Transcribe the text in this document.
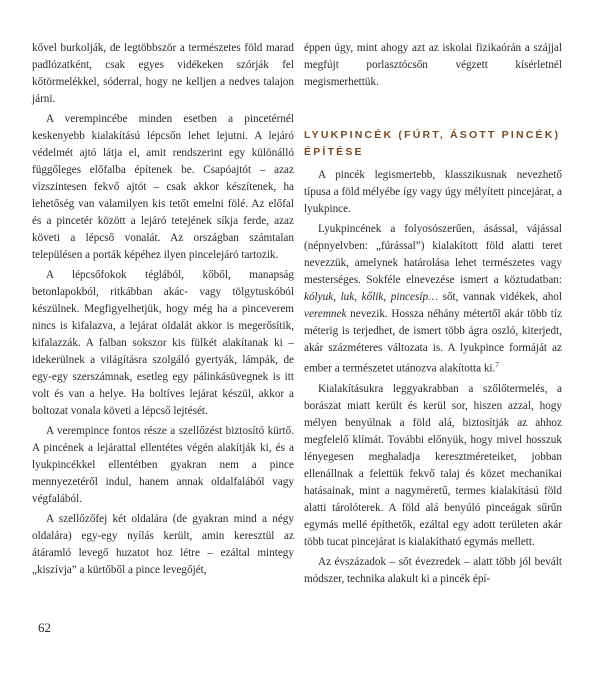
kővel burkolják, de legtöbbször a természetes föld marad padlózatként, csak egyes vidékeken szórják fel kőtörmelékkel, sóderral, hogy ne kelljen a nedves talajon járni.

A verempincébe minden esetben a pincetérnél keskenyebb kialakítású lépcsőn lehet lejutni. A lejáró védelmét ajtó látja el, amit rendszerint egy különálló függőleges előfalba építenek be. Csapóajtót – azaz vízszintesen fekvő ajtót – csak akkor készítenek, ha lehetőség van valamilyen kis tetőt emelni fölé. Az előfal és a pincetér között a lejáró tetejének síkja ferde, azaz követi a lépcső vonalát. Az országban számtalan településen a porták képéhez ilyen pincelejáró tartozik.

A lépcsőfokok téglából, kőből, manapság betonlapokból, ritkábban akác- vagy tölgytuskóból készülnek. Megfigyelhetjük, hogy még ha a pinceverem nincs is kifalazva, a lejárat oldalát akkor is megerősítik, kifalazzák. A falban sokszor kis fülkét alakítanak ki – idekerülnek a világításra szolgáló gyertyák, lámpák, de egy-egy szerszámnak, esetleg egy pálinkásüvegnek is itt volt és van a helye. Ha boltíves lejárat készül, akkor a boltozat vonala követi a lépcső lejtését.

A verempince fontos része a szellőzést biztosító kürtő. A pincének a lejárattal ellentétes végén alakítják ki, és a lyukpincékkel ellentétben gyakran nem a pince mennyezetéről indul, hanem annak oldalfalából vagy végfalából.

A szellőzőfej két oldalára (de gyakran mind a négy oldalára) egy-egy nyílás került, amin keresztül az átáramló levegő huzatot hoz létre – ezáltal mintegy „kiszívja” a kürtőből a pince levegőjét,

62

éppen úgy, mint ahogy azt az iskolai fizikaórán a szájjal megfújt porlasztócsőn végzett kísérletnél megismerhettük.

LYUKPINCÉK (FÚRT, ÁSOTT PINCÉK) ÉPÍTÉSE

A pincék legismertebb, klasszikusnak nevezhető típusa a föld mélyébe így vagy úgy mélyített pincejárat, a lyukpince.

Lyukpincének a folyosószerűen, ásással, vájással (népnyelvben: „fúrással”) kialakított föld alatti teret nevezzük, amelynek határolása lehet természetes vagy mesterséges. Sokféle elnevezése ismert a köztudatban: kólyuk, luk, kőlik, pincesíp… sőt, vannak vidékek, ahol veremnek nevezik. Hossza néhány métertől akár több tíz méterig is terjedhet, de ismert több ágra oszló, kiterjedt, akár százméteres változata is. A lyukpince formáját az ember a természetet utánozva alakította ki.$^7$

Kialakításukra leggyakrabban a szőlőtermelés, a borászat miatt került és kerül sor, hiszen azzal, hogy mélyen benyúlnak a föld alá, biztosítják az ahhoz megfelelő klímát. További előnyük, hogy mivel hosszuk lényegesen meghaladja keresztméreteiket, jobban ellenállnak a felettük fekvő talaj és közet mechanikai hatásainak, mint a nagyméretű, termes kialakítású föld alatti tárolóterek. A föld alá benyúló pinceágak sűrűn egymás mellé építhetők, ezáltal egy adott területen akár több tucat pincejárat is kialakítható egymás mellett.

Az évszázadok – sőt évezredek – alatt több jól bevált módszer, technika alakult ki a pincék épí-
